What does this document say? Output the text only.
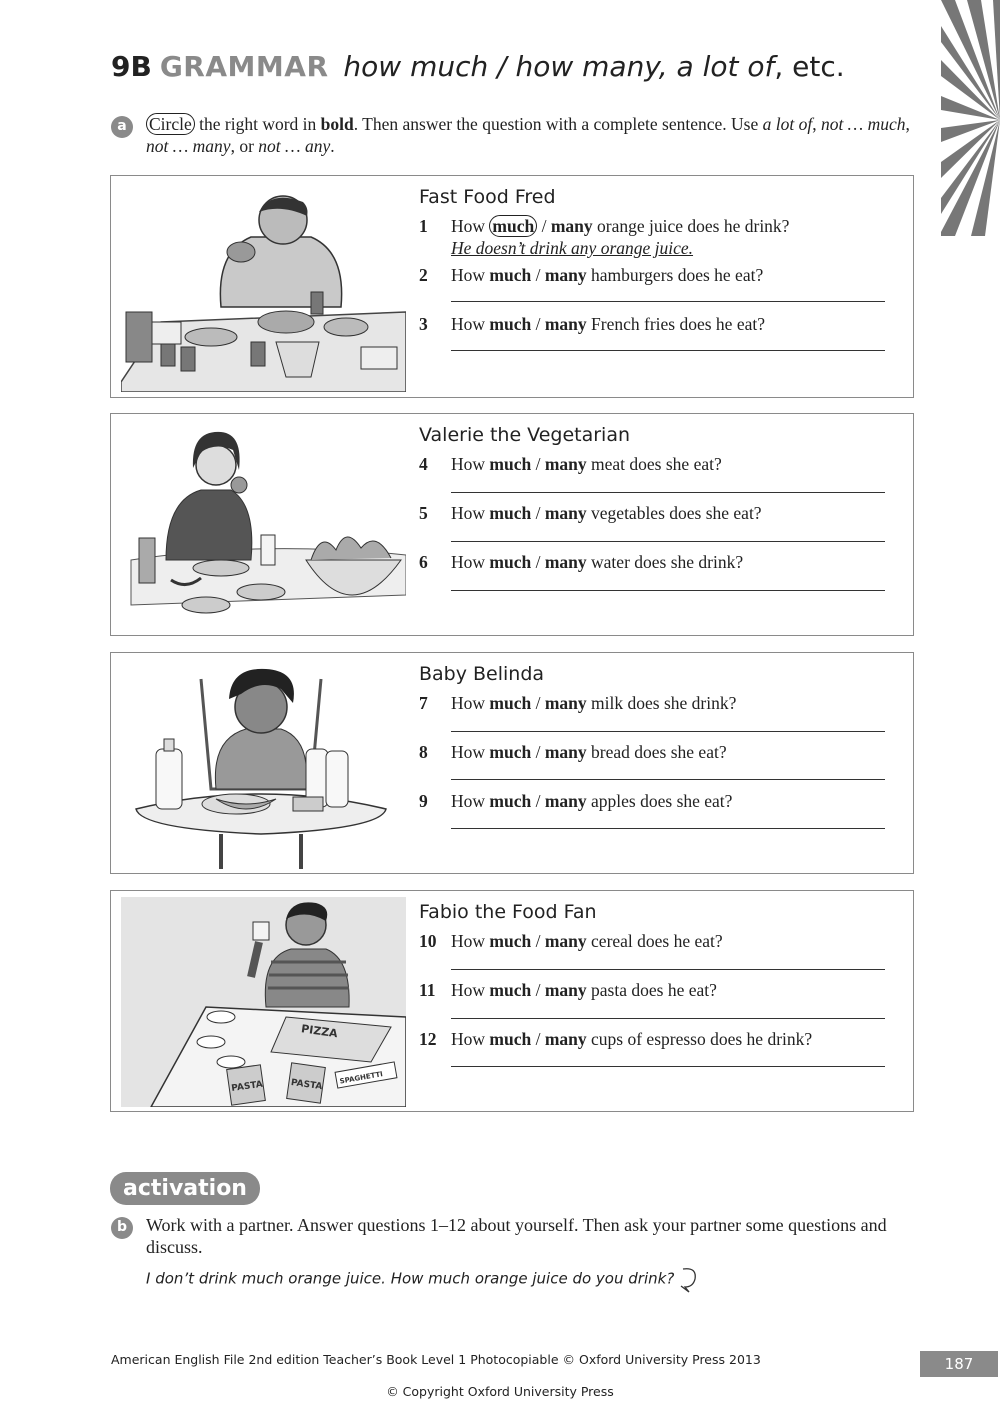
9B GRAMMAR how much / how many, a lot of, etc.
a	Circle the right word in bold. Then answer the question with a complete sentence. Use a lot of, not … much, not … many, or not … any.
Fast Food Fred
1 How much / many orange juice does he drink?
He doesn’t drink any orange juice.
2 How much / many hamburgers does he eat?
3 How much / many French fries does he eat?
Valerie the Vegetarian
4 How much / many meat does she eat?
5 How much / many vegetables does she eat?
6 How much / many water does she drink?
Baby Belinda
7 How much / many milk does she drink?
8 How much / many bread does she eat?
9 How much / many apples does she eat?
PIZZA
PASTA	PASTA SPAGHETTI
Fabio the Food Fan
10 How much / many cereal does he eat?
11 How much / many pasta does he eat?
12 How much / many cups of espresso does he drink?
activation
b	Work with a partner. Answer questions 1–12 about yourself. Then ask your partner some questions and discuss.
I don’t drink much orange juice. How much orange juice do you drink?
American English File 2nd edition Teacher’s Book Level 1 Photocopiable © Oxford University Press 2013	187
© Copyright Oxford University Press
